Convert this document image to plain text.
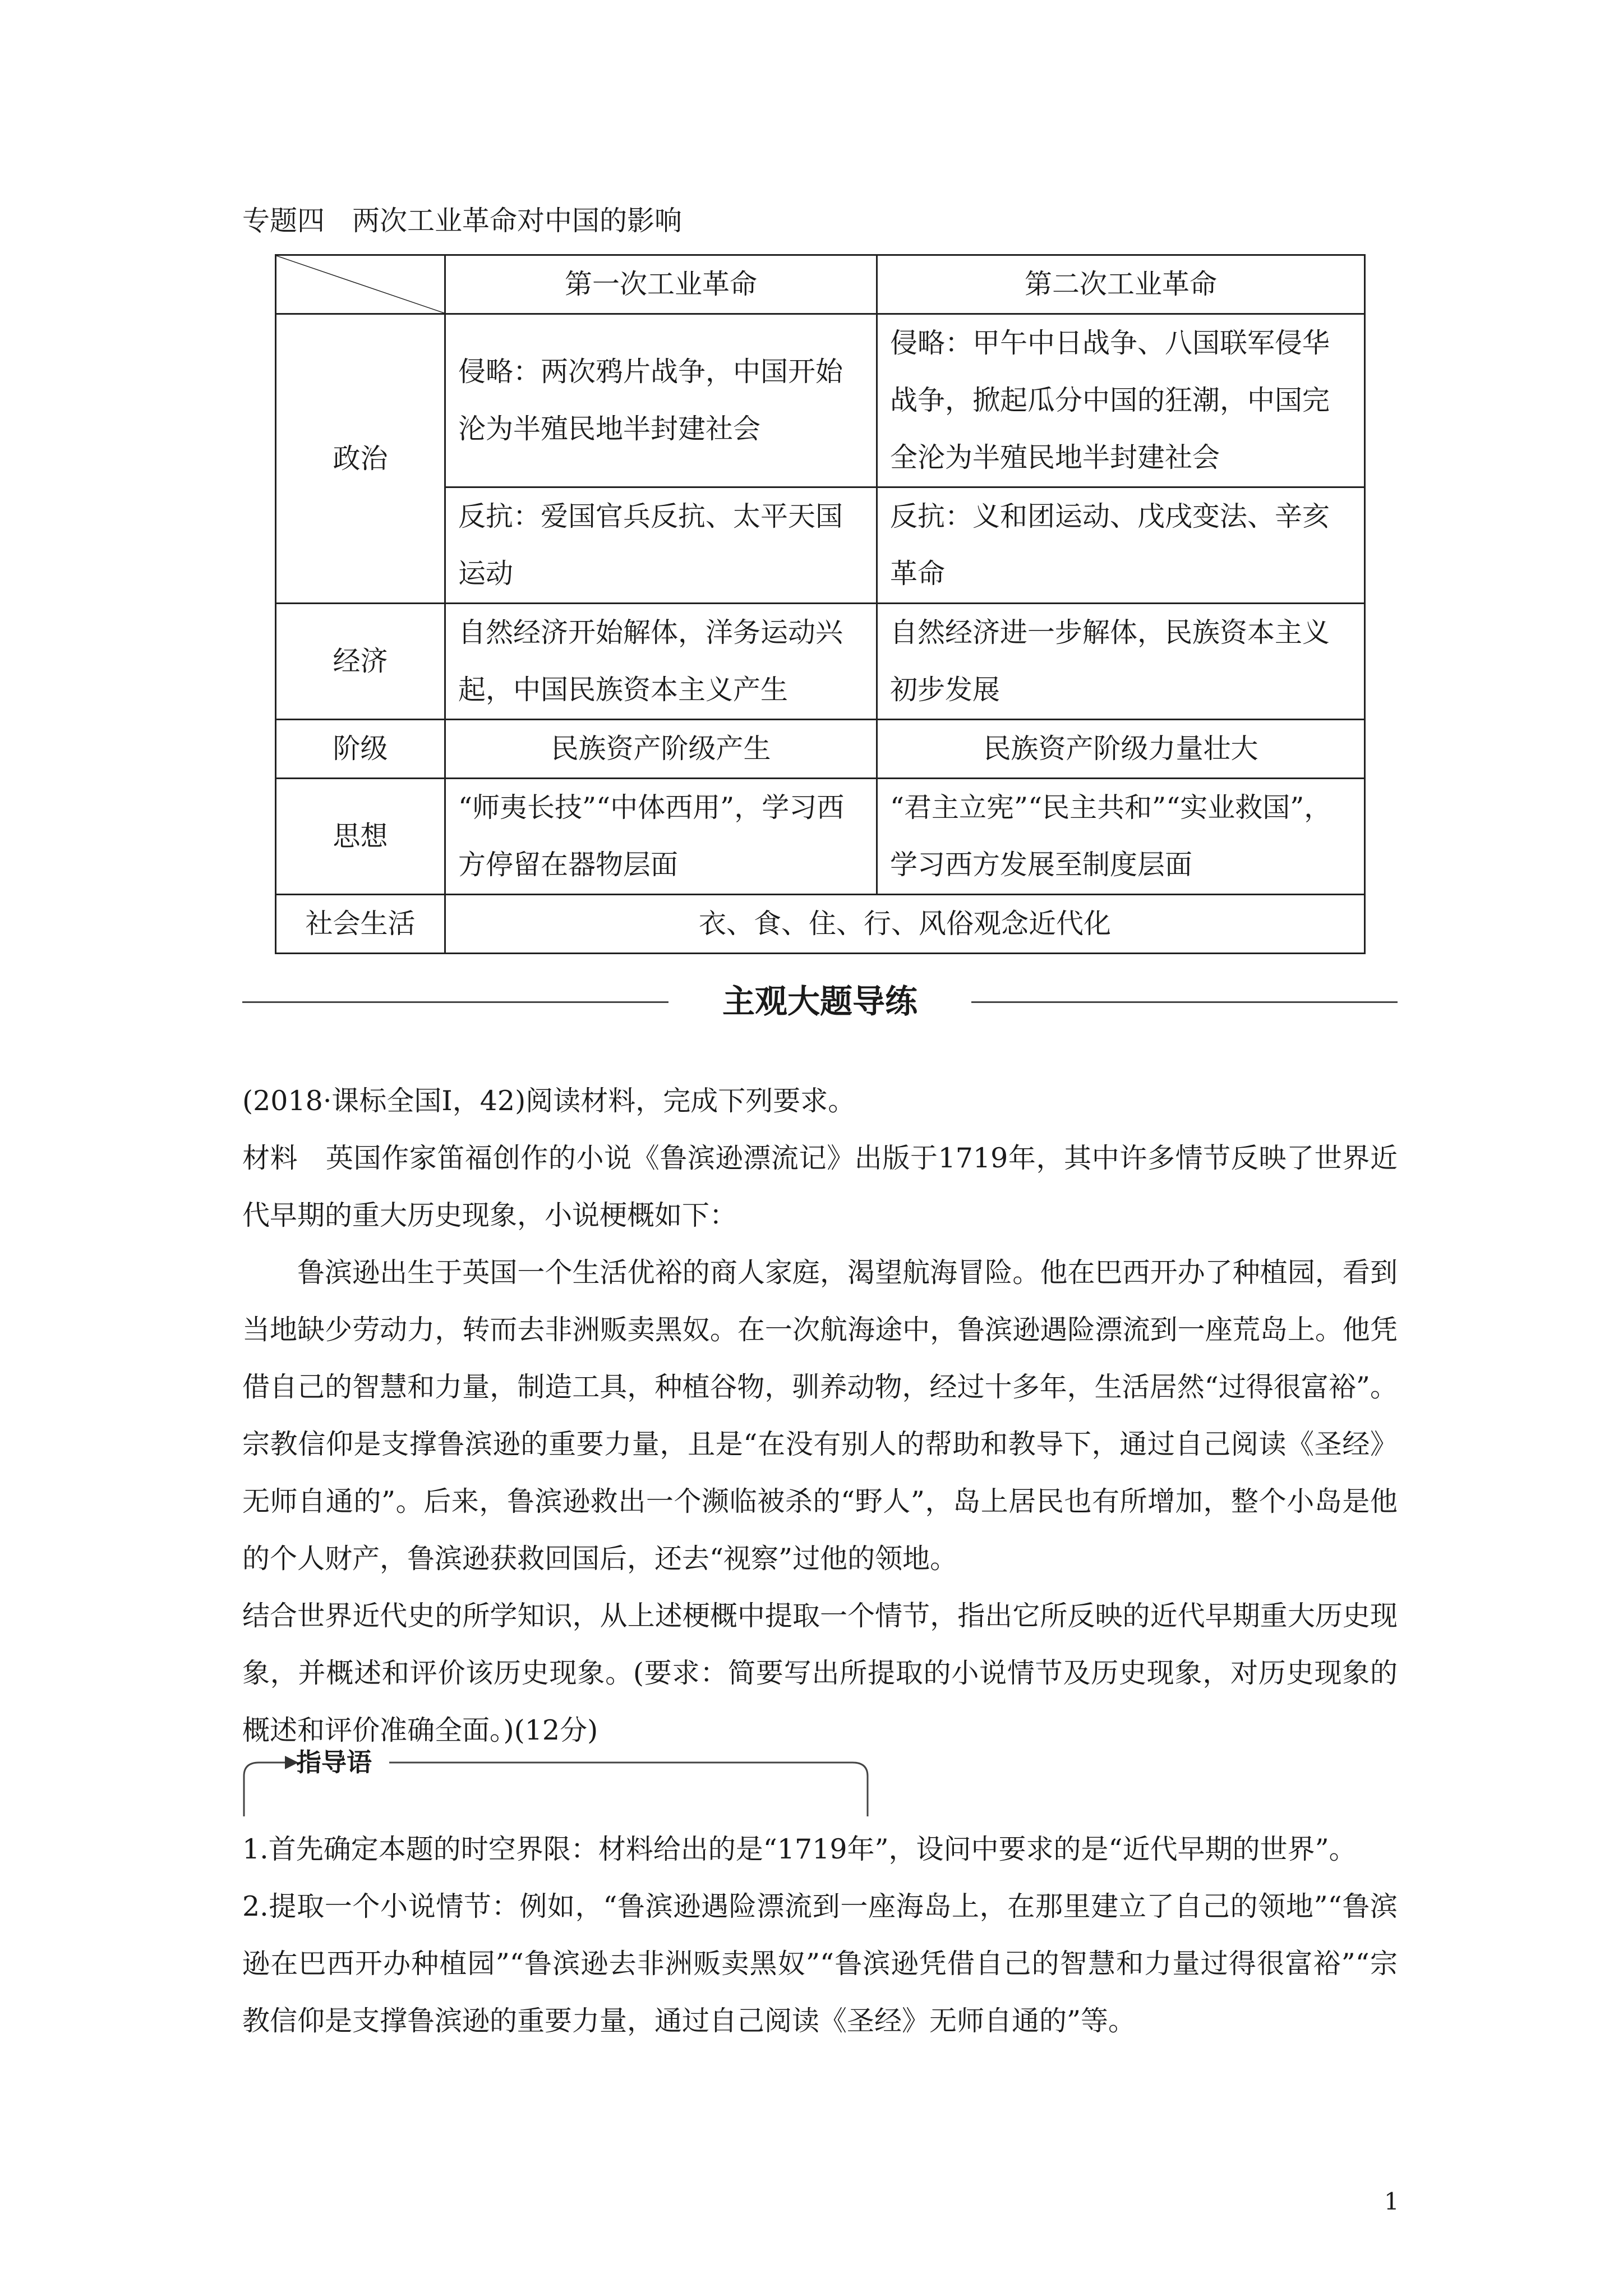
专题四　两次工业革命对中国的影响
	第一次工业革命	第二次工业革命
政治	侵略：两次鸦片战争，中国开始沦为半殖民地半封建社会	侵略：甲午中日战争、八国联军侵华战争，掀起瓜分中国的狂潮，中国完全沦为半殖民地半封建社会
	反抗：爱国官兵反抗、太平天国运动	反抗：义和团运动、戊戌变法、辛亥革命
经济	自然经济开始解体，洋务运动兴起，中国民族资本主义产生	自然经济进一步解体，民族资本主义初步发展
阶级	民族资产阶级产生	民族资产阶级力量壮大
思想	“师夷长技”“中体西用”，学习西方停留在器物层面	“君主立宪”“民主共和”“实业救国”，学习西方发展至制度层面
社会生活	衣、食、住、行、风俗观念近代化	
主观大题导练
(2018·课标全国Ⅰ，42)阅读材料，完成下列要求。
材料　英国作家笛福创作的小说《鲁滨逊漂流记》出版于1719年，其中许多情节反映了世界近代早期的重大历史现象，小说梗概如下：
鲁滨逊出生于英国一个生活优裕的商人家庭，渴望航海冒险。他在巴西开办了种植园，看到当地缺少劳动力，转而去非洲贩卖黑奴。在一次航海途中，鲁滨逊遇险漂流到一座荒岛上。他凭借自己的智慧和力量，制造工具，种植谷物，驯养动物，经过十多年，生活居然“过得很富裕”。宗教信仰是支撑鲁滨逊的重要力量，且是“在没有别人的帮助和教导下，通过自己阅读《圣经》无师自通的”。后来，鲁滨逊救出一个濒临被杀的“野人”，岛上居民也有所增加，整个小岛是他的个人财产，鲁滨逊获救回国后，还去“视察”过他的领地。
结合世界近代史的所学知识，从上述梗概中提取一个情节，指出它所反映的近代早期重大历史现象，并概述和评价该历史现象。(要求：简要写出所提取的小说情节及历史现象，对历史现象的概述和评价准确全面。)(12分)
指导语
1.首先确定本题的时空界限：材料给出的是“1719年”，设问中要求的是“近代早期的世界”。
2.提取一个小说情节：例如，“鲁滨逊遇险漂流到一座海岛上，在那里建立了自己的领地”“鲁滨逊在巴西开办种植园”“鲁滨逊去非洲贩卖黑奴”“鲁滨逊凭借自己的智慧和力量过得很富裕”“宗教信仰是支撑鲁滨逊的重要力量，通过自己阅读《圣经》无师自通的”等。
1
